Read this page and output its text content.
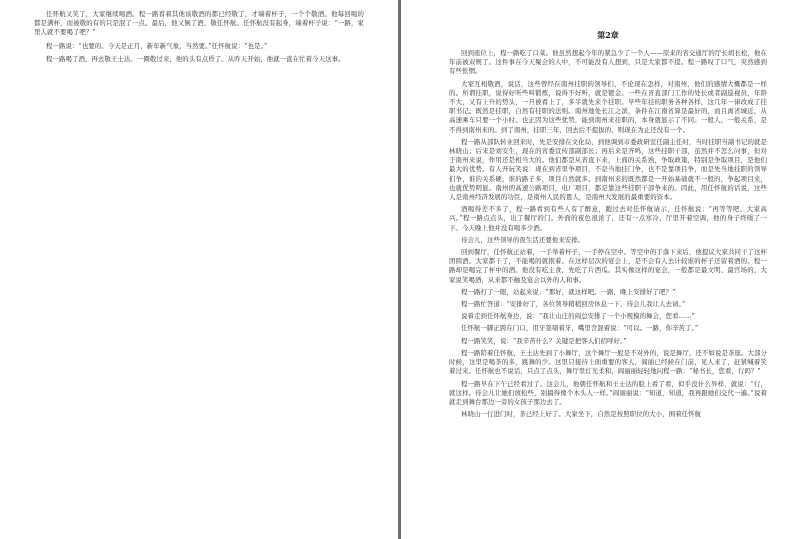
任怀航又笑了，大家继续喝酒。程一路看着其他该敬酒的都已经敬了，才端着杯子，一个个敬酒。他每回喝的都是满杯，而被敬的有的只是泯了一点。最后，他又倒了酒，敬任怀航。任怀航没有起身，端着杯子说：“一路，家里人就不要喝了吧？”

程一路说：“也要的。今天是正月，新年新气象，当然要。”任怀航说：“也是。”

程一路喝了酒，再去敬王士达。一圈敬过来，他的头有点昏了。从昨天开始，他就一直在忙着今天这事。

第2章

回到座位上，程一路吃了口菜。他虽然想起今年的紧急少了一个人——原来的省交通厅的厅长胡长松，他在年前被双规了。这件事在今天聚会的人中，不可能没有人想到，只是大家都不提。程一路叹了口气，突然感到有些怅惘。

大家互相敬酒，说话，这些曾经在南州挂职的领导们，不论现在怎样，对南州，他们的感情大概都是一样的。所谓挂职，说得好听些叫锻炼，说得不好听，就是镀金。一些在省直部门工作的处长或者副巡视员，年龄不大，又有上升的势头，一旦被看上了，多半就先来个挂职。早些年挂的职务各种各样，这几年一律改成了挂职书记。既然是挂职，自然有挂职的法则。南州地处长江之滨，条件在江南省算是最好的，而且离省城近，从高速乘车只要一个小时。也正因为这些优势，能到南州来挂职的，本身就显示了不同。一般人，一般关系，是不得到南州来的。到了南州，挂职三年，回去后不提拔的，则现在为止还没有一个。

程一路从部队转业回来时，先是安排在文化局，到他调到市委政研室任副主任时，当时挂职当副书记的就是林晓山；后来是刘安生，现在的省委宣传部副部长；再后来是齐鸣，这些挂职干部，虽然并不怎么问事，但对于南州来说，作用还是相当大的。他们都是从省直下来，上面的关系熟，争取政策，特别是争取项目，是他们最大的优势。有人开玩笑说：现在到省里争项目，不是当地挂门争，也不是靠项目争，而是先当地挂职的领导们争，谁的关系硬，谁的路子多，项目自然就多。到南州来的既然都是一开始基础就不一般的，争起项目来，也就优势明显。南州的高速公路项目，电厂项目，都是靠这些挂职干部争来的。因此，用任怀航的话说，这些人是南州经济发展的功臣，是南州人民的恩人，是南州大发展的最重要的资本。

酒喝得差不多了，程一路看到有些人有了醉意，跑过去对任怀航请示，任怀航说：“再等等吧，大家高兴。”程一路点点头，出了餐厅的门。外面的夜色很浓了，还有一点寒冷，厅里开着空调，他的身子终暖了一下。今天晚上他并没有喝多少酒。

待会儿，这些领导的夜生活还要他来安排。

回到餐厅，任怀航正站着，一手举着杯子，一手停在空中。等空中的手落下来后，他提议大家共同干了这杯团圆酒。大家都干了，不能喝的就抿着。在这样层次的宴会上，是不会有人去计较谁的杯子还留着酒的。程一路却是喝完了杯中的酒。他没有吃主食，先吃了片西瓜。其实像这样的宴会，一般都是最文明、最宫场的，大家说笑喝酒，从来都不触及宴会以外的人和事。

程一路打了一眼，站起来说：“那好，就这样吧。一路，晚上安排好了吧？”

程一路忙答道：“安排好了，各位领导稍稍回房休息一下，待会儿我让人去请。”

说着走到任怀航身边，说：“我让山庄的阎总安排了一个小规模的舞会，您看……”

任怀航一脚正跨在门口，用牙签剔着牙，嘴里含混着说：“可以。一路，你辛苦了。”

程一路笑笑，说：“我辛苦什么？关键是把客人们招呼好。”

程一路陪着任怀航、王士达先到了小舞厅，这个舞厅一般是不对外的，说是舞厅，还不如说是茶座。大部分时候，这里是喝茶的多，跳舞的少。这里只接待上面重要的客人，阎丽已经候在门前，见人来了，赶紧喊着笑着过来。任怀航也不说话，只点了点头，舞厅里灯光柔和，阎丽丽轻轻地问程一路：“秘书长，您看，行吗？”

程一路早在下午已经看过了。这会儿，他朝任怀航和王士达的脸上看了看，似乎没什么异样，就说：“行，就这样。待会儿让她们放松些，别搞得像个木头人一样。”阎丽丽说：“知道，知道，我再跟她们交代一遍。”说着就走到舞台那边一旁的女孩子那边去了。

林晓山一行进门时，茶已经上好了。大家坐下，自然是按照职位的大小，围着任怀航
